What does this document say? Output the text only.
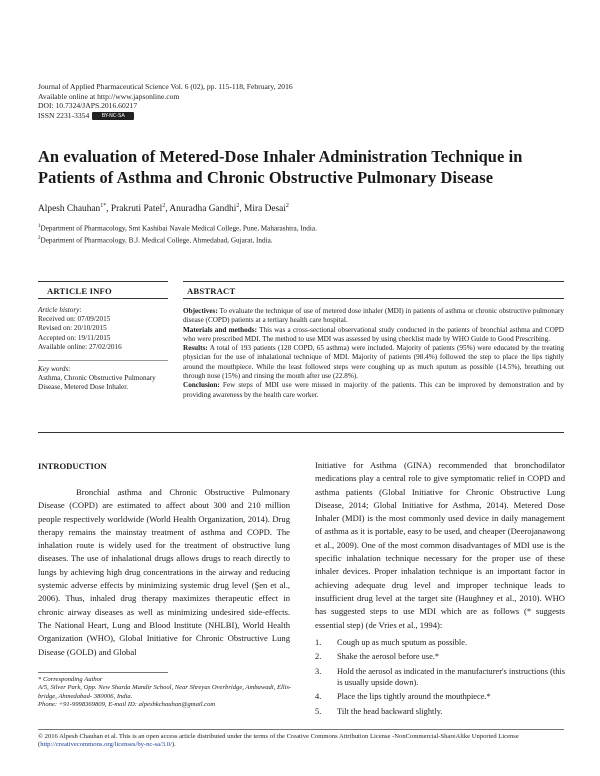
Journal of Applied Pharmaceutical Science Vol. 6 (02), pp. 115-118, February, 2016
Available online at http://www.japsonline.com
DOI: 10.7324/JAPS.2016.60217
ISSN 2231-3354 BY-NC-SA
An evaluation of Metered-Dose Inhaler Administration Technique in Patients of Asthma and Chronic Obstructive Pulmonary Disease
Alpesh Chauhan$^{1*}$, Prakruti Patel$^2$, Anuradha Gandhi$^2$, Mira Desai$^2$
$^1$Department of Pharmacology, Smt Kashibai Navale Medical College, Pune, Maharashtra, India.
$^2$Department of Pharmacology, B.J. Medical College, Ahmedabad, Gujarat, India.
ARTICLE INFO	ABSTRACT
Article history:
Received on: 07/09/2015
Revised on: 20/10/2015
Accepted on: 19/11/2015
Available online: 27/02/2016
Key words:
Asthma, Chronic Obstructive Pulmonary Disease, Metered Dose Inhaler.

Objectives: To evaluate the technique of use of metered dose inhaler (MDI) in patients of asthma or chronic obstructive pulmonary disease (COPD) patients at a tertiary health care hospital.

Materials and methods: This was a cross-sectional observational study conducted in the patients of bronchial asthma and COPD who were prescribed MDI. The method to use MDI was assessed by using checklist made by WHO Guide to Good Prescribing.

Results: A total of 193 patients (128 COPD, 65 asthma) were included. Majority of patients (95%) were educated by the treating physician for the use of inhalational technique of MDI. Majority of patients (98.4%) followed the step to place the lips tightly around the mouthpiece. While the least followed steps were coughing up as much sputum as possible (14.5%), breathing out through nose (15%) and rinsing the mouth after use (22.8%).

Conclusion: Few steps of MDI use were missed in majority of the patients. This can be improved by demonstration and by providing awareness by the health care worker.

INTRODUCTION

Bronchial asthma and Chronic Obstructive Pulmonary Disease (COPD) are estimated to affect about 300 and 210 million people respectively worldwide (World Health Organization, 2014). Drug therapy remains the mainstay treatment of asthma and COPD. The inhalation route is widely used for the treatment of obstructive lung diseases. The use of inhalational drugs allows drugs to reach directly to lungs by achieving high drug concentrations in the airway and reducing systemic adverse effects by minimizing systemic drug level (Şen et al., 2006). Thus, inhaled drug therapy maximizes therapeutic effect in chronic airway diseases as well as minimizing undesired side-effects. The National Heart, Lung and Blood Institute (NHLBI), World Health Organization (WHO), Global Initiative for Chronic Obstructive Lung Disease (GOLD) and Global

Initiative for Asthma (GINA) recommended that bronchodilator medications play a central role to give symptomatic relief in COPD and asthma patients (Global Initiative for Chronic Obstructive Lung Disease, 2014; Global Initiative for Asthma, 2014). Metered Dose Inhaler (MDI) is the most commonly used device in daily management of asthma as it is portable, easy to be used, and cheaper (Deerojanawong et al., 2009). One of the most common disadvantages of MDI use is the specific inhalation technique necessary for the proper use of these inhaler devices. Proper inhalation technique is an important factor in achieving adequate drug level and improper technique leads to insufficient drug level at the target site (Haughney et al., 2010). WHO has suggested steps to use MDI which are as follows (* suggests essential step) (de Vries et al., 1994):

1. Cough up as much sputum as possible.
2. Shake the aerosol before use.*
3. Hold the aerosol as indicated in the manufacturer's instructions (this is usually upside down).
4. Place the lips tightly around the mouthpiece.*
5. Tilt the head backward slightly.
* Corresponding Author
A/5, Silver Park, Opp. New Sharda Mandir School, Near Shreyas Overbridge, Ambawadi, Ellis-bridge, Ahmedabad- 380006, India.
Phone: +91-9998369809, E-mail ID: alpeshkchauhan@gmail.com
© 2016 Alpesh Chauhan et al. This is an open access article distributed under the terms of the Creative Commons Attribution License -NonCommercial-ShareAlike Unported License (http://creativecommons.org/licenses/by-nc-sa/3.0/).
